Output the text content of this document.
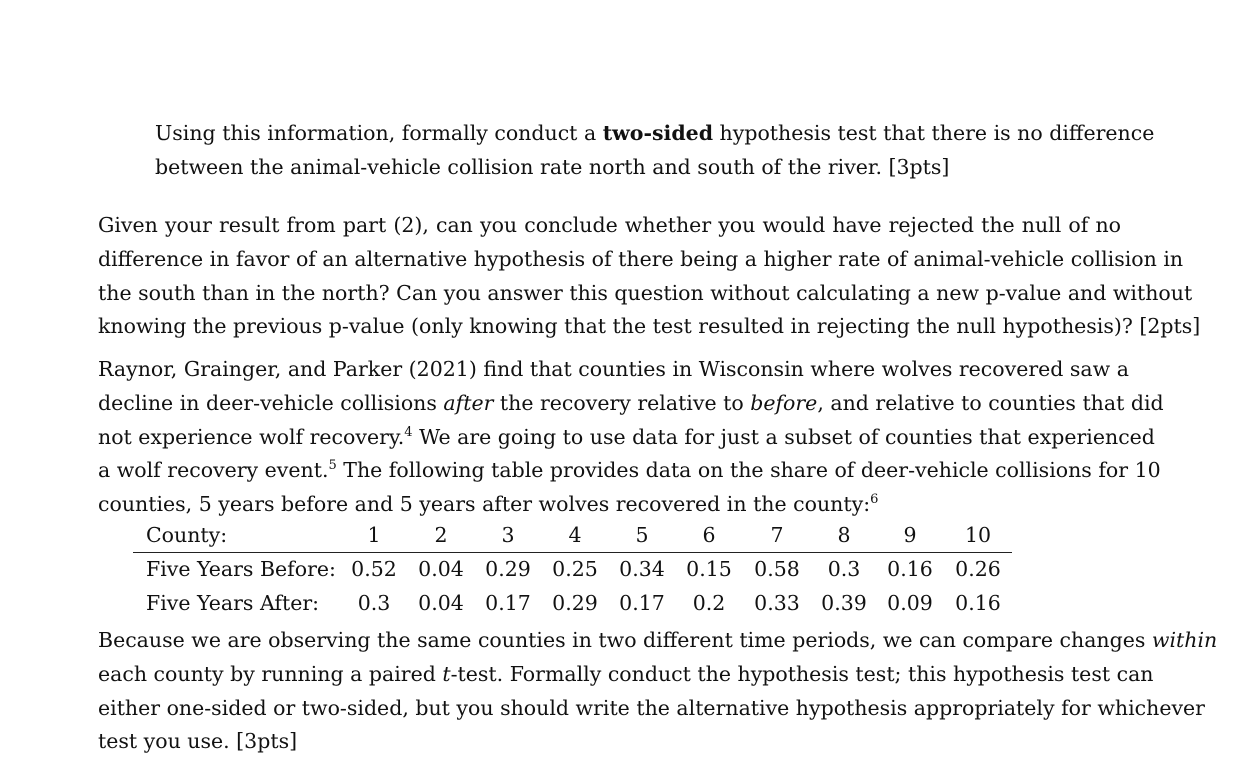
Using this information, formally conduct a two-sided hypothesis test that there is no difference
between the animal-vehicle collision rate north and south of the river. [3pts]
Given your result from part (2), can you conclude whether you would have rejected the null of no
difference in favor of an alternative hypothesis of there being a higher rate of animal-vehicle collision in
the south than in the north? Can you answer this question without calculating a new p-value and without
knowing the previous p-value (only knowing that the test resulted in rejecting the null hypothesis)? [2pts]
Raynor, Grainger, and Parker (2021) find that counties in Wisconsin where wolves recovered saw a
decline in deer-vehicle collisions after the recovery relative to before, and relative to counties that did
not experience wolf recovery.$^4$ We are going to use data for just a subset of counties that experienced
a wolf recovery event.$^5$ The following table provides data on the share of deer-vehicle collisions for 10
counties, 5 years before and 5 years after wolves recovered in the county:$^6$
County:	1	2	3	4	5	6	7	8	9	10
Five Years Before: 0.52	0.04	0.29	0.25	0.34	0.15	0.58	0.3	0.16	0.26
Five Years After:	0.3	0.04	0.17	0.29	0.17	0.2	0.33	0.39 0.09	0.16
Because we are observing the same counties in two different time periods, we can compare changes within
each county by running a paired t-test. Formally conduct the hypothesis test; this hypothesis test can
either one-sided or two-sided, but you should write the alternative hypothesis appropriately for whichever
test you use. [3pts]
